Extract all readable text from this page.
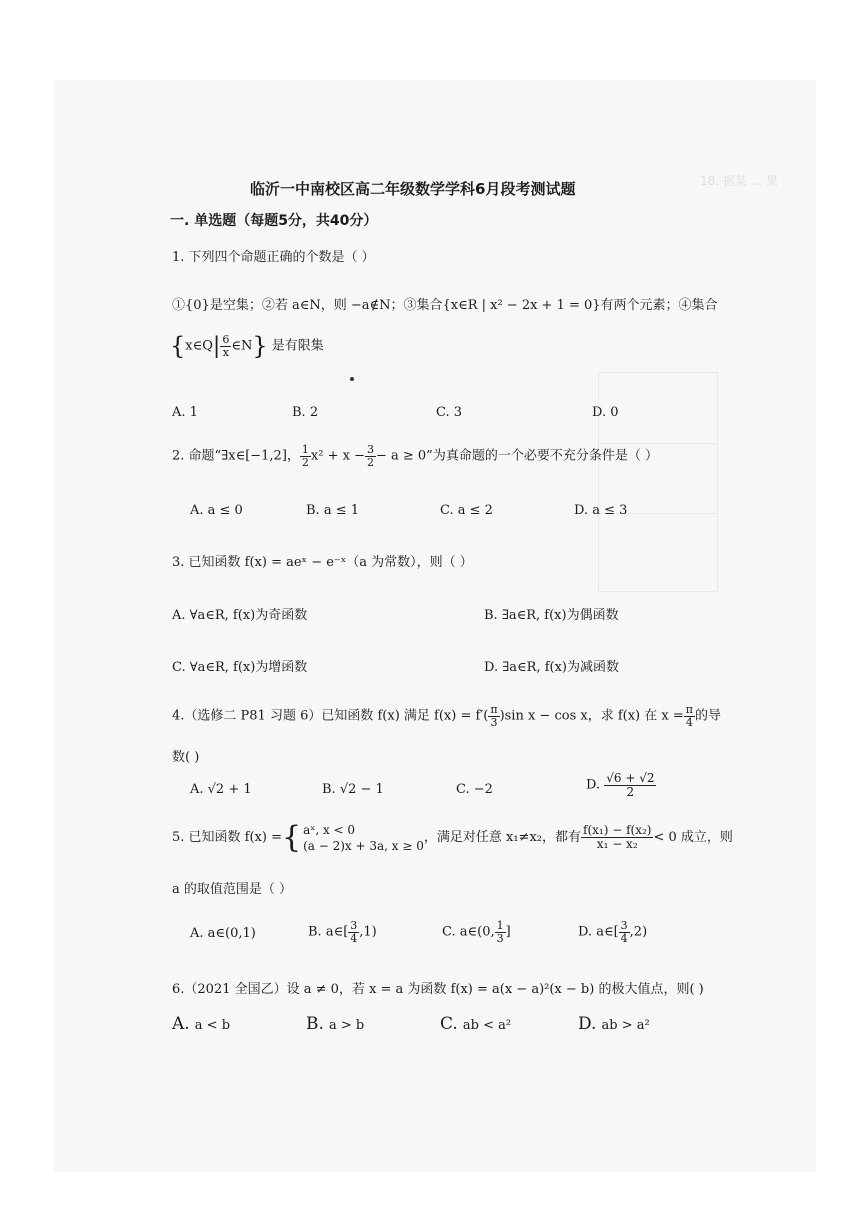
18. 据某 ... 果
临沂一中南校区高二年级数学学科6月段考测试题
一. 单选题（每题5分，共40分）
1. 下列四个命题正确的个数是（ ）
①{0}是空集；②若 a∈N，则 −a∉N；③集合{x∈R | x² − 2x + 1 = 0}有两个元素；④集合
{x∈Q| $\frac{6}{x}$ ∈N} 是有限集
A. 1	B. 2	C. 3	D. 0
2. 命题“∃x∈[−1,2]， $\frac{1}{2} x^2 + x - \frac{3}{2} - a \ge 0$”为真命题的一个必要不充分条件是（ ）
A. a ≤ 0	B. a ≤ 1	C. a ≤ 2	D. a ≤ 3
3. 已知函数 f(x) = aeˣ − e⁻ˣ（a 为常数），则（ ）
A. ∀a∈R, f(x)为奇函数	B. ∃a∈R, f(x)为偶函数
C. ∀a∈R, f(x)为增函数	D. ∃a∈R, f(x)为减函数
4.（选修二 P81 习题 6）已知函数 f(x) 满足 $f(x) = f'( \frac{\pi}{3} )\sin$ x − cos x，求 f(x) 在 $x = \frac{\pi}{4}$ 的导
数( )
A. √2 + 1	B. √2 − 1	C. −2	D. $\frac{√6 + √2}{2}$
5. 已知函数 f(x) ={ aˣ, x < 0
(a − 2)x + 3a, x ≥ 0
，满足对任意 x₁≠x₂，都有 $\frac{\text{f(x₁) − f(x₂)}}{\text{x₁ − x₂}} < 0$ 成立，则
a 的取值范围是（ ）
A. a∈(0,1)	B. a∈[ $\frac{3}{4} ,1$)	C. a∈(0, $\frac{1}{3}$ ]	D. a∈[ $\frac{3}{4} ,2$)
6.（2021 全国乙）设 a ≠ 0，若 x = a 为函数 f(x) = a(x − a)²(x − b) 的极大值点，则( )
A. a < b	B. a > b	C. ab < a²	D. ab > a²
